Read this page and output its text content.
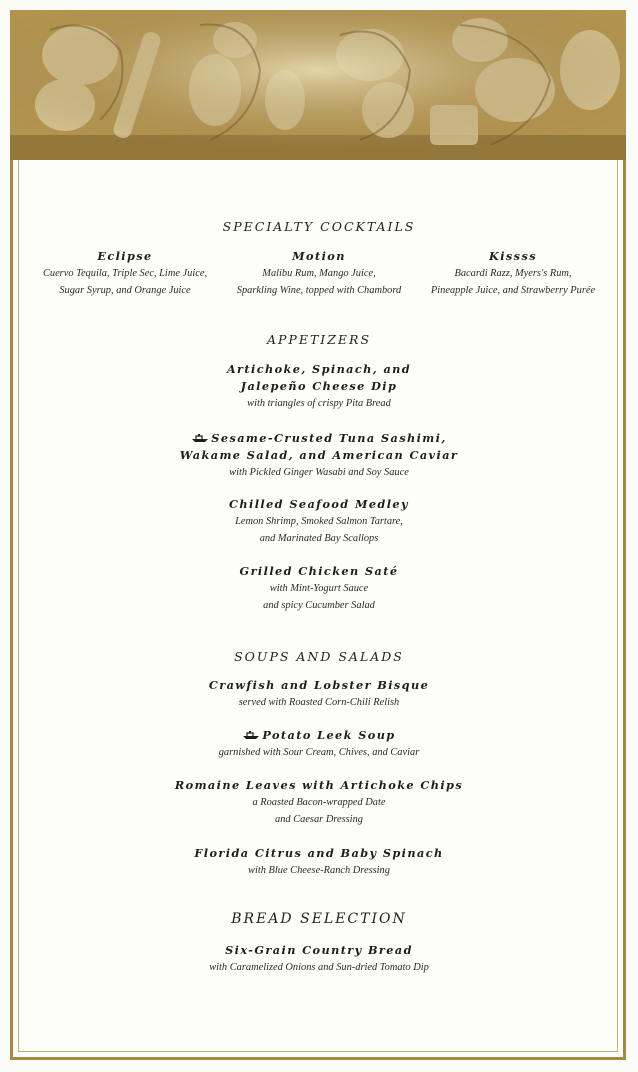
SPECIALTY COCKTAILS
Eclipse
Cuervo Tequila, Triple Sec, Lime Juice,
Sugar Syrup, and Orange Juice
Motion
Malibu Rum, Mango Juice,
Sparkling Wine, topped with Chambord
Kissss
Bacardi Razz, Myers's Rum,
Pineapple Juice, and Strawberry Purée
APPETIZERS
Artichoke, Spinach, and
Jalepeño Cheese Dip
with triangles of crispy Pita Bread
Sesame-Crusted Tuna Sashimi,
Wakame Salad, and American Caviar
with Pickled Ginger Wasabi and Soy Sauce
Chilled Seafood Medley
Lemon Shrimp, Smoked Salmon Tartare,
and Marinated Bay Scallops
Grilled Chicken Saté
with Mint-Yogurt Sauce
and spicy Cucumber Salad
SOUPS AND SALADS
Crawfish and Lobster Bisque
served with Roasted Corn-Chili Relish
Potato Leek Soup
garnished with Sour Cream, Chives, and Caviar
Romaine Leaves with Artichoke Chips
a Roasted Bacon-wrapped Date
and Caesar Dressing
Florida Citrus and Baby Spinach
with Blue Cheese-Ranch Dressing
BREAD SELECTION
Six-Grain Country Bread
with Caramelized Onions and Sun-dried Tomato Dip
